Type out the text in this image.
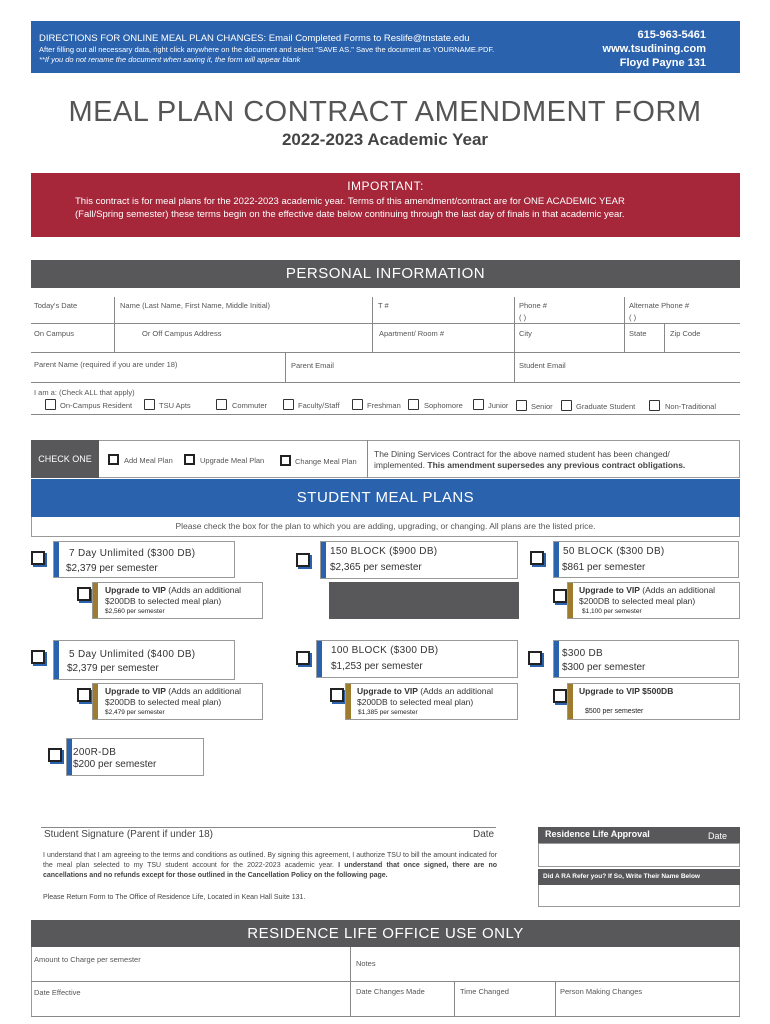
DIRECTIONS FOR ONLINE MEAL PLAN CHANGES: Email Completed Forms to Reslife@tnstate.edu
After filling out all necessary data, right click anywhere on the document and select "SAVE AS." Save the document as YOURNAME.PDF.
**If you do not rename the document when saving it, the form will appear blank
615-963-5461
www.tsudining.com
Floyd Payne 131
MEAL PLAN CONTRACT AMENDMENT FORM
2022-2023 Academic Year
IMPORTANT:
This contract is for meal plans for the 2022-2023 academic year. Terms of this amendment/contract are for ONE ACADEMIC YEAR (Fall/Spring semester) these terms begin on the effective date below continuing through the last day of finals in that academic year.
PERSONAL INFORMATION
Today's Date	Name (Last Name, First Name, Middle Initial)	T #	Phone #	Alternate Phone #
( )	( )
On Campus	Or Off Campus Address	Apartment/ Room #	City	State	Zip Code
Parent Name (required if you are under 18)	Parent Email	Student Email
I am a: (Check ALL that apply)
On-Campus Resident	TSU Apts	Commuter	Faculty/Staff	Freshman	Sophomore	Junior	Senior	Graduate Student	Non-Traditional
CHECK ONE	Add Meal Plan	Upgrade Meal Plan	Change Meal Plan
The Dining Services Contract for the above named student has been changed/
implemented. This amendment supersedes any previous contract obligations.
STUDENT MEAL PLANS
Please check the box for the plan to which you are adding, upgrading, or changing. All plans are the listed price.
7 Day Unlimited ($300 DB)
$2,379 per semester
Upgrade to VIP (Adds an additional
$200DB to selected meal plan)
$2,560 per semester
150 BLOCK ($900 DB)
$2,365 per semester
50 BLOCK ($300 DB)
$861 per semester
Upgrade to VIP (Adds an additional
$200DB to selected meal plan)
$1,100 per semester
5 Day Unlimited ($400 DB)
$2,379 per semester
Upgrade to VIP (Adds an additional
$200DB to selected meal plan)
$2,479 per semester
100 BLOCK ($300 DB)
$1,253 per semester
Upgrade to VIP (Adds an additional
$200DB to selected meal plan)
$1,385 per semester
$300 DB
$300 per semester
Upgrade to VIP $500DB
$500 per semester
200R-DB
$200 per semester
Student Signature (Parent if under 18)	Date	Residence Life Approval	Date
Did A RA Refer you? If So, Write Their Name Below
I understand that I am agreeing to the terms and conditions as outlined. By signing this agreement, I authorize TSU to bill the amount indicated for the meal plan selected to my TSU student account for the 2022-2023 academic year. I understand that once signed, there are no cancellations and no refunds except for those outlined in the Cancellation Policy on the following page.
Please Return Form to The Office of Residence Life, Located in Kean Hall Suite 131.
RESIDENCE LIFE OFFICE USE ONLY
Amount to Charge per semester	Notes
Date Effective	Date Changes Made	Time Changed	Person Making Changes
